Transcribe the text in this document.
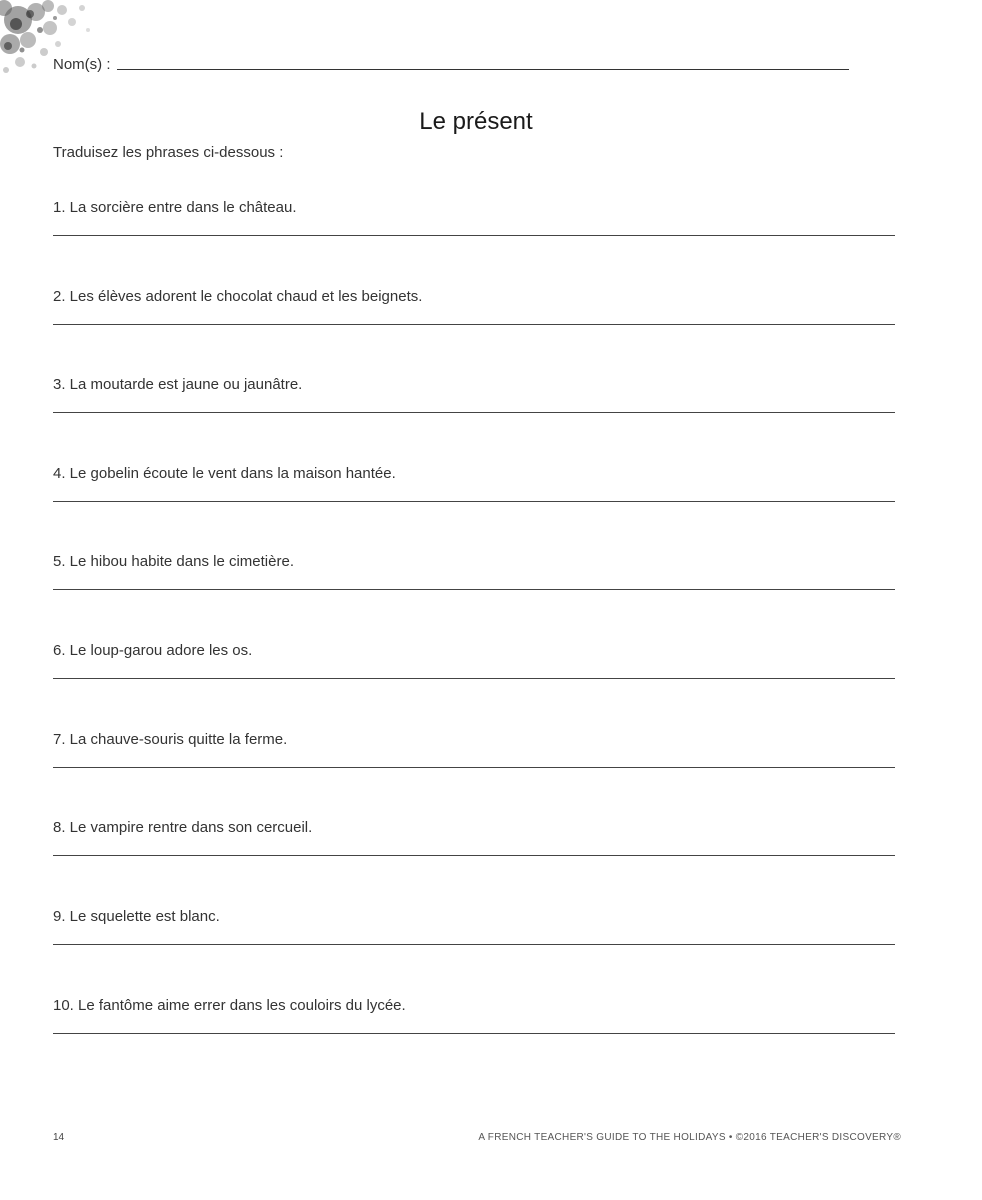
Nom(s) :
Le présent
Traduisez les phrases ci-dessous :
1. La sorcière entre dans le château.
2. Les élèves adorent le chocolat chaud et les beignets.
3. La moutarde est jaune ou jaunâtre.
4. Le gobelin écoute le vent dans la maison hantée.
5. Le hibou habite dans le cimetière.
6. Le loup-garou adore les os.
7. La chauve-souris quitte la ferme.
8. Le vampire rentre dans son cercueil.
9. Le squelette est blanc.
10. Le fantôme aime errer dans les couloirs du lycée.
14	A FRENCH TEACHER'S GUIDE TO THE HOLIDAYS • ©2016 TEACHER'S DISCOVERY®
